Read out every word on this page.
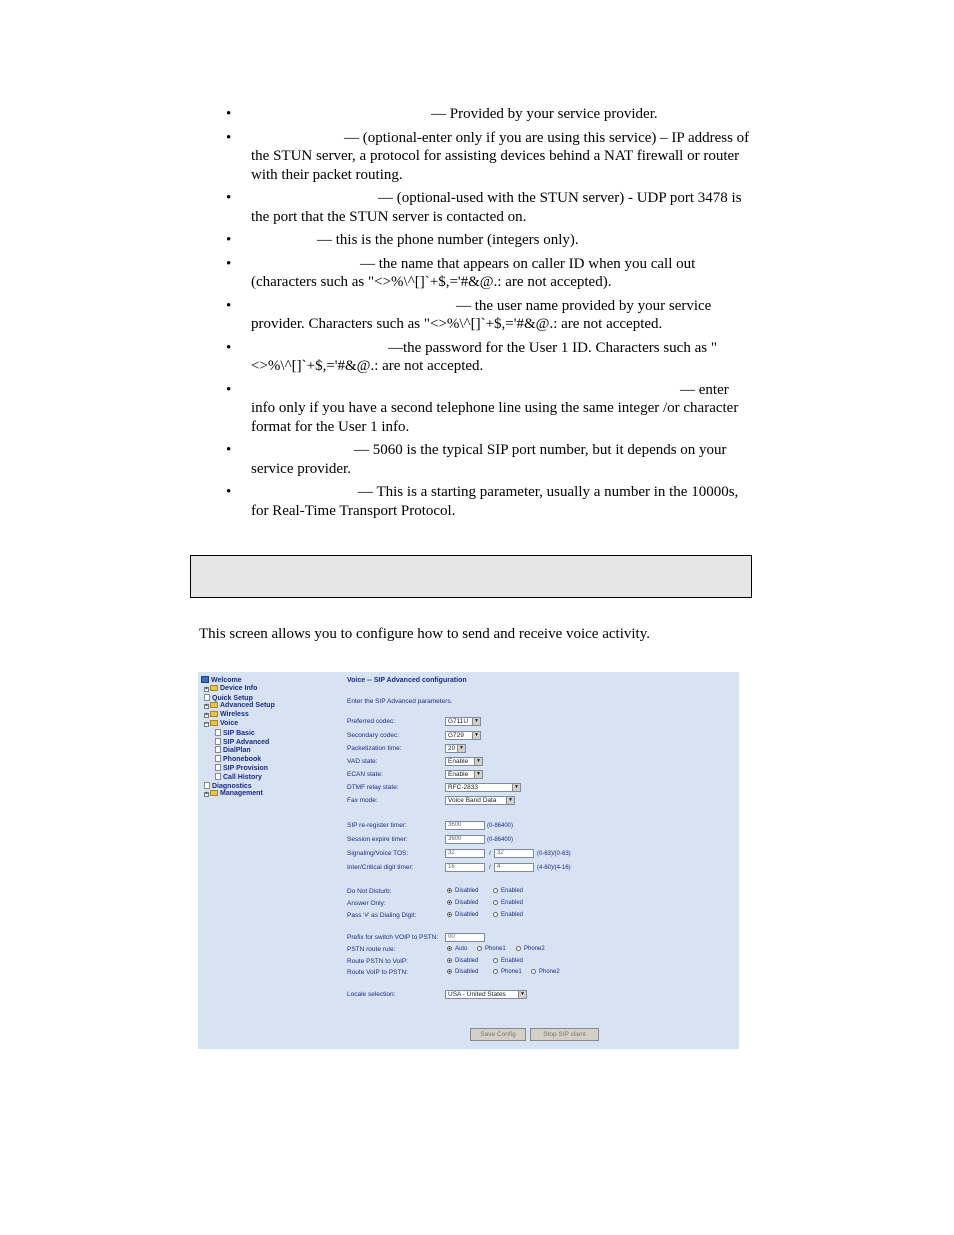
•	— Provided by your service provider.
•	— (optional-enter only if you are using this service) – IP address of the STUN server, a protocol for assisting devices behind a NAT firewall or router with their packet routing.
•	— (optional-used with the STUN server) - UDP port 3478 is the port that the STUN server is contacted on.
•	— this is the phone number (integers only).
•	— the name that appears on caller ID when you call out (characters such as "<>%\^[]`+$,='#&@.: are not accepted).
•	— the user name provided by your service provider. Characters such as "<>%\^[]`+$,='#&@.: are not accepted.
•	—the password for the User 1 ID. Characters such as "<>%\^[]`+$,='#&@.: are not accepted.
•	— enter info only if you have a second telephone line using the same integer /or character format for the User 1 info.
•	— 5060 is the typical SIP port number, but it depends on your service provider.
•	— This is a starting parameter, usually a number in the 10000s, for Real-Time Transport Protocol.
This screen allows you to configure how to send and receive voice activity.
Welcome
+ Device Info
Quick Setup
+ Advanced Setup
+ Wireless
− Voice
SIP Basic
SIP Advanced
DialPlan
Phonebook
SIP Provision
Call History
Diagnostics
+ Management
Voice -- SIP Advanced configuration
Enter the SIP Advanced parameters.
Preferred codec:	G711U	▼
Secondary codec:	G729	▼
Packetization time:	20 ▼
VAD state:	Enable	▼
ECAN state:	Enable	▼
DTMF relay state:	RFC-2833	▼
Fax mode:	Voice Band Data	▼
SIP re-register timer:	3600	(0-86400)
Session expire timer:	3600	(0-86400)
Signaling/Voice TOS:	32	/	32	(0-63)/(0-63)
Inter/Critical digit timer:	16	/	4	(4-60)/(4-16)
Do Not Disturb:	Disabled	Enabled
Answer Only:	Disabled	Enabled
Pass '#' as Dialing Digit:	Disabled	Enabled
Prefix for switch VOIP to PSTN:	00
PSTN route rule:	Auto	Phone1	Phone2
Route PSTN to VoIP:	Disabled	Enabled
Route VoIP to PSTN:	Disabled	Phone1	Phone2
Locale selection:	USA - United States	▼
Save Config	Stop SIP client
